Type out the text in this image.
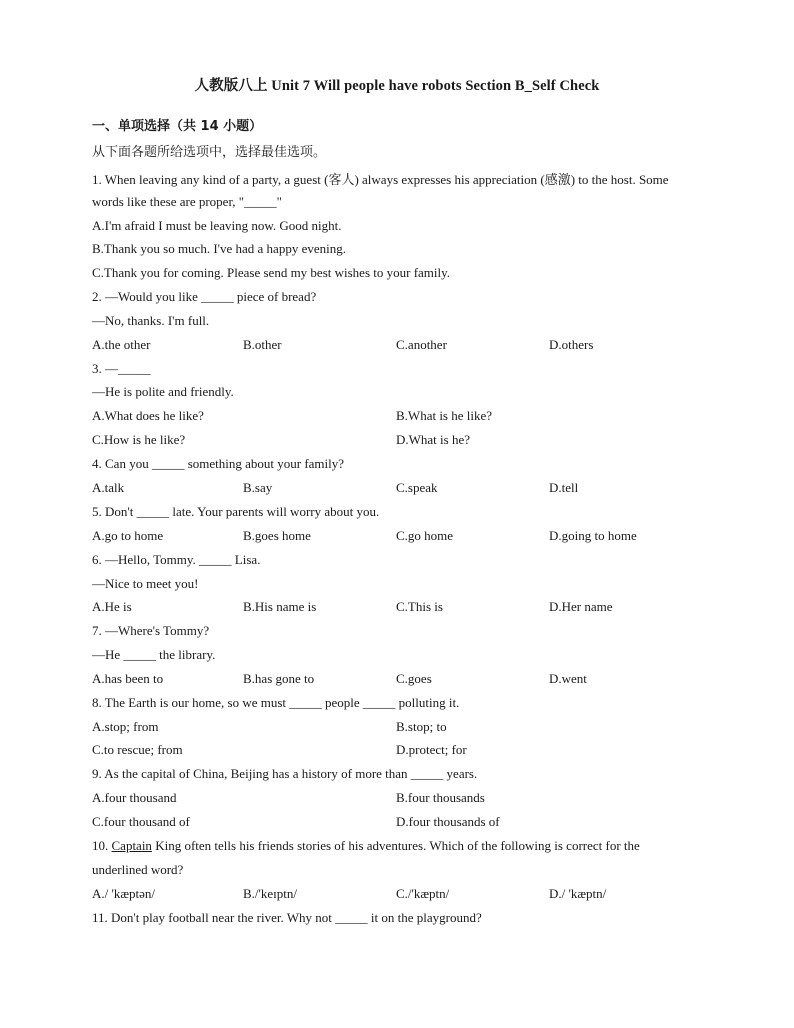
人教版八上 Unit 7 Will people have robots Section B_Self Check
一、单项选择（共 14 小题）
从下面各题所给选项中，选择最佳选项。
1. When leaving any kind of a party, a guest (客人) always expresses his appreciation (感激) to the host. Some
words like these are proper, "_____"
A.I'm afraid I must be leaving now. Good night.
B.Thank you so much. I've had a happy evening.
C.Thank you for coming. Please send my best wishes to your family.
2. —Would you like _____ piece of bread?
—No, thanks. I'm full.
A.the other	B.other	C.another	D.others
3. —_____
—He is polite and friendly.
A.What does he like?	B.What is he like?
C.How is he like?	D.What is he?
4. Can you _____ something about your family?
A.talk	B.say	C.speak	D.tell
5. Don't _____ late. Your parents will worry about you.
A.go to home	B.goes home	C.go home	D.going to home
6. —Hello, Tommy. _____ Lisa.
—Nice to meet you!
A.He is	B.His name is	C.This is	D.Her name
7. —Where's Tommy?
—He _____ the library.
A.has been to	B.has gone to	C.goes	D.went
8. The Earth is our home, so we must _____ people _____ polluting it.
A.stop; from	B.stop; to
C.to rescue; from	D.protect; for
9. As the capital of China, Beijing has a history of more than _____ years.
A.four thousand	B.four thousands
C.four thousand of	D.four thousands of
10. Captain King often tells his friends stories of his adventures. Which of the following is correct for the
underlined word?
A./ 'kæptən/	B./'keɪptn/	C./'kæptn/	D./ 'kæptn/
11. Don't play football near the river. Why not _____ it on the playground?
